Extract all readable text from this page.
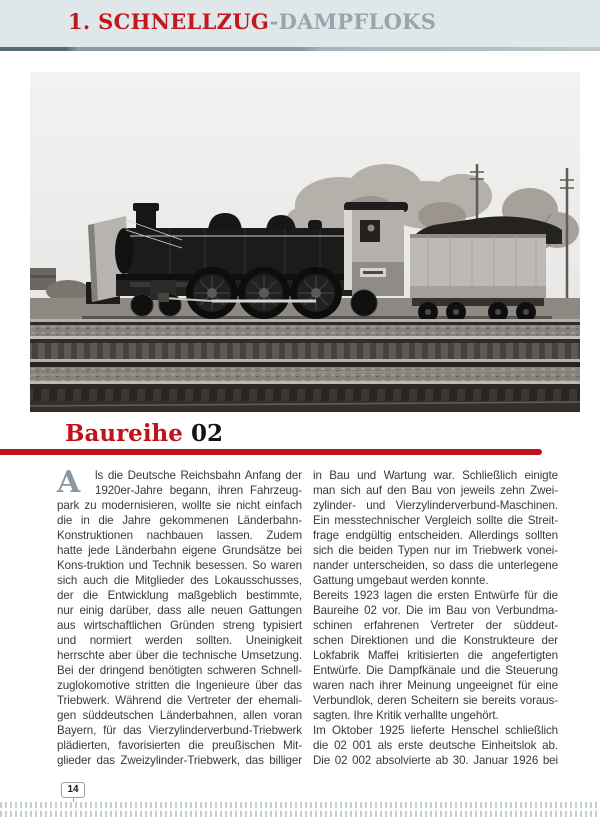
1. SCHNELLZUG-DAMPFLOKS
Baureihe 02
A	ls die Deutsche Reichsbahn Anfang der
1920er-Jahre begann, ihren Fahrzeug-
park zu modernisieren, wollte sie nicht einfach
die in die Jahre gekommenen Länderbahn-
Konstruktionen nachbauen lassen. Zudem
hatte jede Länderbahn eigene Grundsätze bei
Kons-truktion und Technik besessen. So waren
sich auch die Mitglieder des Lokausschusses,
der die Entwicklung maßgeblich bestimmte,
nur einig darüber, dass alle neuen Gattungen
aus wirtschaftlichen Gründen streng typisiert
und normiert werden sollten. Uneinigkeit
herrschte aber über die technische Umsetzung.
Bei der dringend benötigten schweren Schnell-
zuglokomotive stritten die Ingenieure über das
Triebwerk. Während die Vertreter der ehemali-
gen süddeutschen Länderbahnen, allen voran
Bayern, für das Vierzylinderverbund-Triebwerk
plädierten, favorisierten die preußischen Mit-
glieder das Zweizylinder-Triebwerk, das billiger
in Bau und Wartung war. Schließlich einigte
man sich auf den Bau von jeweils zehn Zwei-
zylinder- und Vierzylinderverbund-Maschinen.
Ein messtechnischer Vergleich sollte die Streit-
frage endgültig entscheiden. Allerdings sollten
sich die beiden Typen nur im Triebwerk vonei-
nander unterscheiden, so dass die unterlegene
Gattung umgebaut werden konnte.
Bereits 1923 lagen die ersten Entwürfe für die
Baureihe 02 vor. Die im Bau von Verbundma-
schinen erfahrenen Vertreter der süddeut-
schen Direktionen und die Konstrukteure der
Lokfabrik Maffei kritisierten die angefertigten
Entwürfe. Die Dampfkänale und die Steuerung
waren nach ihrer Meinung ungeeignet für eine
Verbundlok, deren Scheitern sie bereits voraus-
sagten. Ihre Kritik verhallte ungehört.
Im Oktober 1925 lieferte Henschel schließlich
die 02 001 als erste deutsche Einheitslok ab.
Die 02 002 absolvierte ab 30. Januar 1926 bei
14
